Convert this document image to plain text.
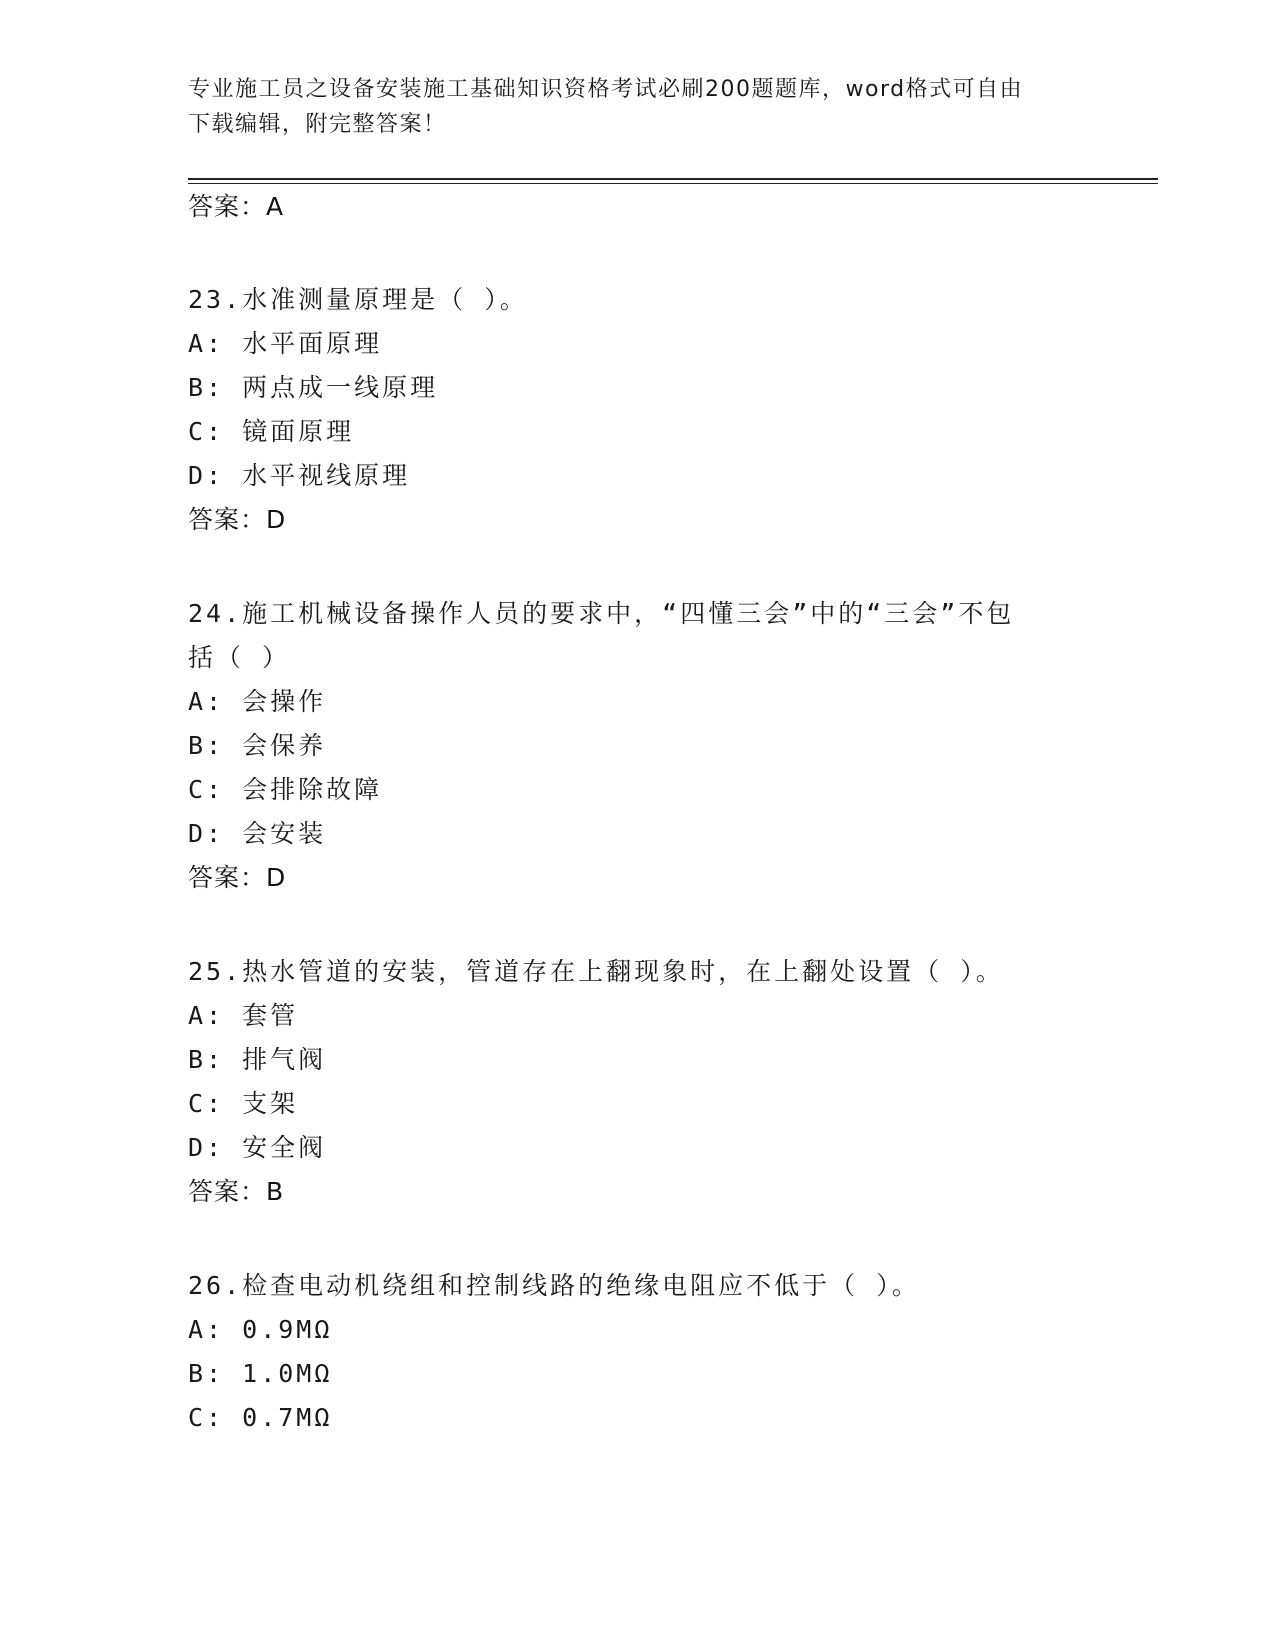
专业施工员之设备安装施工基础知识资格考试必刷200题题库，word格式可自由
下载编辑，附完整答案！
答案：A
23.水准测量原理是（ ）。
A: 水平面原理
B: 两点成一线原理
C: 镜面原理
D: 水平视线原理
答案：D
24.施工机械设备操作人员的要求中，“四懂三会”中的“三会”不包
括（ ）
A: 会操作
B: 会保养
C: 会排除故障
D: 会安装
答案：D
25.热水管道的安装，管道存在上翻现象时，在上翻处设置（ ）。
A: 套管
B: 排气阀
C: 支架
D: 安全阀
答案：B
26.检查电动机绕组和控制线路的绝缘电阻应不低于（ ）。
A: 0.9MΩ
B: 1.0MΩ
C: 0.7MΩ
